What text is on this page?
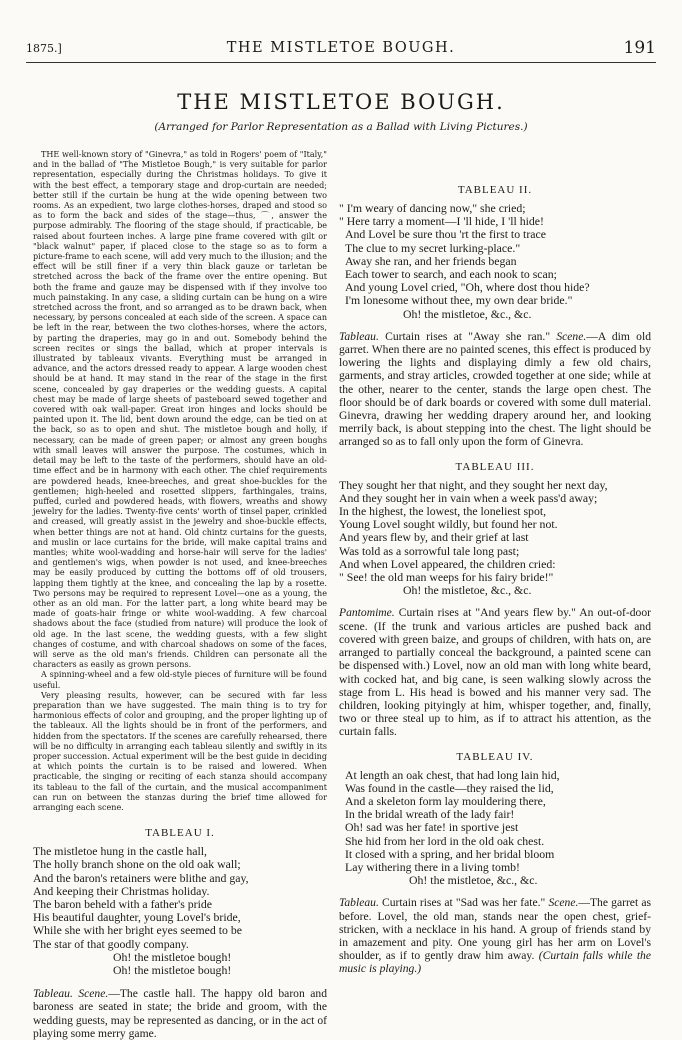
1875.]	THE MISTLETOE BOUGH.	191
THE MISTLETOE BOUGH.
(Arranged for Parlor Representation as a Ballad with Living Pictures.)

THE well-known story of "Ginevra," as told in Rogers' poem of "Italy," and in the ballad of "The Mistletoe Bough," is very suitable for parlor representation, especially during the Christmas holidays. To give it with the best effect, a temporary stage and drop-curtain are needed; better still if the curtain be hung at the wide opening between two rooms. As an expedient, two large clothes-horses, draped and stood so as to form the back and sides of the stage—thus, ⌒, answer the purpose admirably. The flooring of the stage should, if practicable, be raised about fourteen inches. A large pine frame covered with gilt or "black walnut" paper, if placed close to the stage so as to form a picture-frame to each scene, will add very much to the illusion; and the effect will be still finer if a very thin black gauze or tarletan be stretched across the back of the frame over the entire opening. But both the frame and gauze may be dispensed with if they involve too much painstaking. In any case, a sliding curtain can be hung on a wire stretched across the front, and so arranged as to be drawn back, when necessary, by persons concealed at each side of the screen. A space can be left in the rear, between the two clothes-horses, where the actors, by parting the draperies, may go in and out. Somebody behind the screen recites or sings the ballad, which at proper intervals is illustrated by tableaux vivants. Everything must be arranged in advance, and the actors dressed ready to appear. A large wooden chest should be at hand. It may stand in the rear of the stage in the first scene, concealed by gay draperies or the wedding guests. A capital chest may be made of large sheets of pasteboard sewed together and covered with oak wall-paper. Great iron hinges and locks should be painted upon it. The lid, bent down around the edge, can be tied on at the back, so as to open and shut. The mistletoe bough and holly, if necessary, can be made of green paper; or almost any green boughs with small leaves will answer the purpose. The costumes, which in detail may be left to the taste of the performers, should have an old-time effect and be in harmony with each other. The chief requirements are powdered heads, knee-breeches, and great shoe-buckles for the gentlemen; high-heeled and rosetted slippers, farthingales, trains, puffed, curled and powdered heads, with flowers, wreaths and showy jewelry for the ladies. Twenty-five cents' worth of tinsel paper, crinkled and creased, will greatly assist in the jewelry and shoe-buckle effects, when better things are not at hand. Old chintz curtains for the guests, and muslin or lace curtains for the bride, will make capital trains and mantles; white wool-wadding and horse-hair will serve for the ladies' and gentlemen's wigs, when powder is not used, and knee-breeches may be easily produced by cutting the bottoms off of old trousers, lapping them tightly at the knee, and concealing the lap by a rosette. Two persons may be required to represent Lovel—one as a young, the other as an old man. For the latter part, a long white beard may be made of goats-hair fringe or white wool-wadding. A few charcoal shadows about the face (studied from nature) will produce the look of old age. In the last scene, the wedding guests, with a few slight changes of costume, and with charcoal shadows on some of the faces, will serve as the old man's friends. Children can personate all the characters as easily as grown persons.

A spinning-wheel and a few old-style pieces of furniture will be found useful.

Very pleasing results, however, can be secured with far less preparation than we have suggested. The main thing is to try for harmonious effects of color and grouping, and the proper lighting up of the tableaux. All the lights should be in front of the performers, and hidden from the spectators. If the scenes are carefully rehearsed, there will be no difficulty in arranging each tableau silently and swiftly in its proper succession. Actual experiment will be the best guide in deciding at which points the curtain is to be raised and lowered. When practicable, the singing or reciting of each stanza should accompany its tableau to the fall of the curtain, and the musical accompaniment can run on between the stanzas during the brief time allowed for arranging each scene.

TABLEAU I.
The mistletoe hung in the castle hall,
The holly branch shone on the old oak wall;
And the baron's retainers were blithe and gay,
And keeping their Christmas holiday.
The baron beheld with a father's pride
His beautiful daughter, young Lovel's bride,
While she with her bright eyes seemed to be
The star of that goodly company.
Oh! the mistletoe bough!
Oh! the mistletoe bough!

Tableau. Scene.—The castle hall. The happy old baron and baroness are seated in state; the bride and groom, with the wedding guests, may be represented as dancing, or in the act of playing some merry game.

TABLEAU II.
" I'm weary of dancing now," she cried;
" Here tarry a moment—I 'll hide, I 'll hide!
And Lovel be sure thou 'rt the first to trace
The clue to my secret lurking-place."
Away she ran, and her friends began
Each tower to search, and each nook to scan;
And young Lovel cried, "Oh, where dost thou hide?
I'm lonesome without thee, my own dear bride."
Oh! the mistletoe, &c., &c.

Tableau. Curtain rises at "Away she ran." Scene.—A dim old garret. When there are no painted scenes, this effect is produced by lowering the lights and displaying dimly a few old chairs, garments, and stray articles, crowded together at one side; while at the other, nearer to the center, stands the large open chest. The floor should be of dark boards or covered with some dull material. Ginevra, drawing her wedding drapery around her, and looking merrily back, is about stepping into the chest. The light should be arranged so as to fall only upon the form of Ginevra.

TABLEAU III.
They sought her that night, and they sought her next day,
And they sought her in vain when a week pass'd away;
In the highest, the lowest, the loneliest spot,
Young Lovel sought wildly, but found her not.
And years flew by, and their grief at last
Was told as a sorrowful tale long past;
And when Lovel appeared, the children cried:
" See! the old man weeps for his fairy bride!"
Oh! the mistletoe, &c., &c.

Pantomime. Curtain rises at "And years flew by." An out-of-door scene. (If the trunk and various articles are pushed back and covered with green baize, and groups of children, with hats on, are arranged to partially conceal the background, a painted scene can be dispensed with.) Lovel, now an old man with long white beard, with cocked hat, and big cane, is seen walking slowly across the stage from L. His head is bowed and his manner very sad. The children, looking pityingly at him, whisper together, and, finally, two or three steal up to him, as if to attract his attention, as the curtain falls.

TABLEAU IV.
At length an oak chest, that had long lain hid,
Was found in the castle—they raised the lid,
And a skeleton form lay mouldering there,
In the bridal wreath of the lady fair!
Oh! sad was her fate! in sportive jest
She hid from her lord in the old oak chest.
It closed with a spring, and her bridal bloom
Lay withering there in a living tomb!
Oh! the mistletoe, &c., &c.

Tableau. Curtain rises at "Sad was her fate." Scene.—The garret as before. Lovel, the old man, stands near the open chest, grief-stricken, with a necklace in his hand. A group of friends stand by in amazement and pity. One young girl has her arm on Lovel's shoulder, as if to gently draw him away. (Curtain falls while the music is playing.)
